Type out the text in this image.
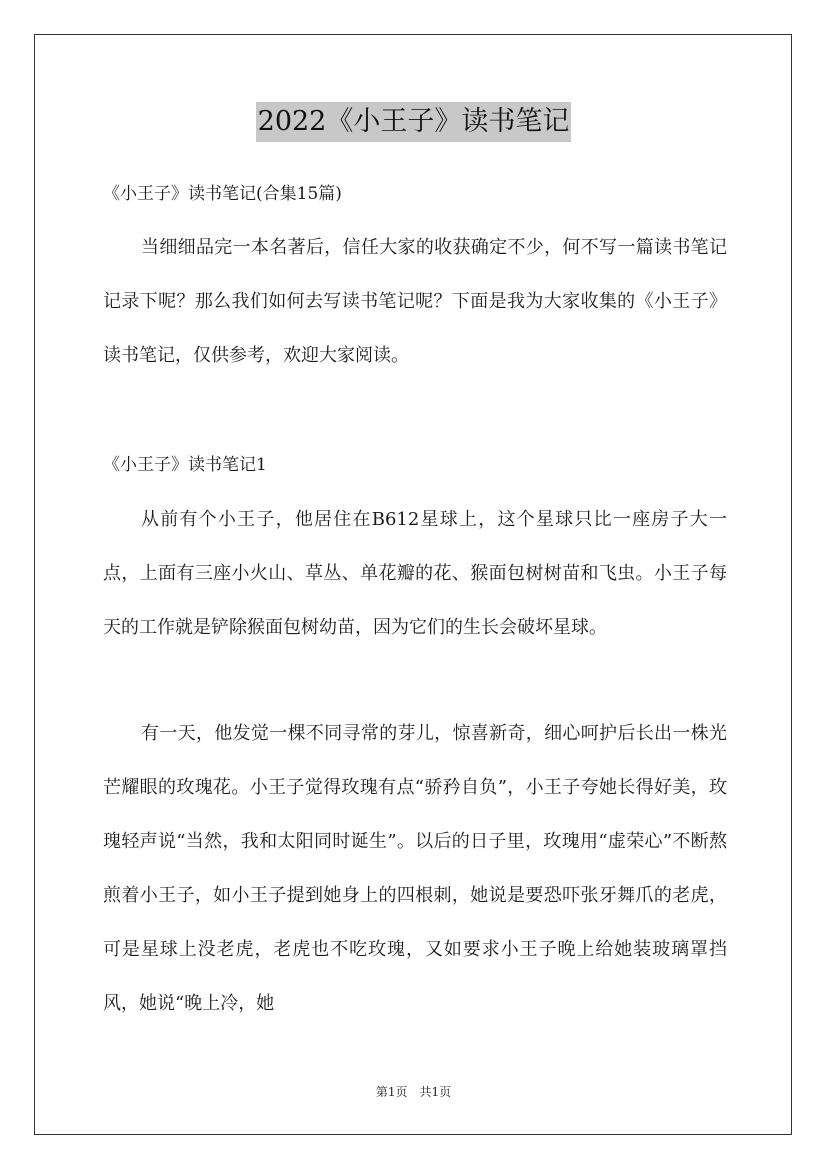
2022《小王子》读书笔记
《小王子》读书笔记(合集15篇)

当细细品完一本名著后，信任大家的收获确定不少，何不写一篇读书笔记记录下呢？那么我们如何去写读书笔记呢？下面是我为大家收集的《小王子》读书笔记，仅供参考，欢迎大家阅读。

《小王子》读书笔记1

从前有个小王子，他居住在B612星球上，这个星球只比一座房子大一点，上面有三座小火山、草丛、单花瓣的花、猴面包树树苗和飞虫。小王子每天的工作就是铲除猴面包树幼苗，因为它们的生长会破坏星球。

有一天，他发觉一棵不同寻常的芽儿，惊喜新奇，细心呵护后长出一株光芒耀眼的玫瑰花。小王子觉得玫瑰有点“骄矜自负”，小王子夸她长得好美，玫瑰轻声说“当然，我和太阳同时诞生”。以后的日子里，玫瑰用“虚荣心”不断熬煎着小王子，如小王子提到她身上的四根刺，她说是要恐吓张牙舞爪的老虎，可是星球上没老虎，老虎也不吃玫瑰，又如要求小王子晚上给她装玻璃罩挡风，她说“晚上冷，她

第1页　共1页
